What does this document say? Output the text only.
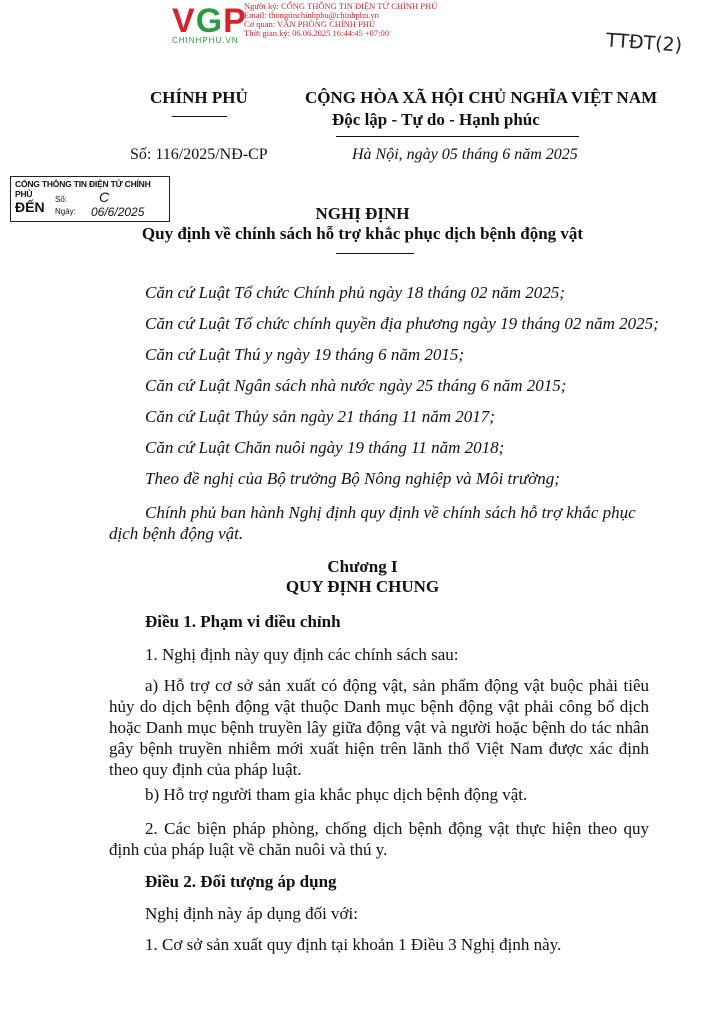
VGP
CHINHPHU.VN
Người ký: CỔNG THÔNG TIN ĐIỆN TỬ CHÍNH PHỦ
Email: thongtinchinhphu@chinhphu.vn
Cơ quan: VĂN PHÒNG CHÍNH PHỦ
Thời gian ký: 06.06.2025 16:44:45 +07:00	TTĐT(2)
CHÍNH PHỦ	CỘNG HÒA XÃ HỘI CHỦ NGHĨA VIỆT NAM
Độc lập - Tự do - Hạnh phúc
Số: 116/2025/NĐ-CP	Hà Nội, ngày 05 tháng 6 năm 2025
CỔNG THÔNG TIN ĐIỆN TỬ CHÍNH PHỦ
ĐẾN Số: C
Ngày: 06/6/2025	NGHỊ ĐỊNH
Quy định về chính sách hỗ trợ khắc phục dịch bệnh động vật
Căn cứ Luật Tổ chức Chính phủ ngày 18 tháng 02 năm 2025;
Căn cứ Luật Tổ chức chính quyền địa phương ngày 19 tháng 02 năm 2025;
Căn cứ Luật Thú y ngày 19 tháng 6 năm 2015;
Căn cứ Luật Ngân sách nhà nước ngày 25 tháng 6 năm 2015;
Căn cứ Luật Thủy sản ngày 21 tháng 11 năm 2017;
Căn cứ Luật Chăn nuôi ngày 19 tháng 11 năm 2018;
Theo đề nghị của Bộ trưởng Bộ Nông nghiệp và Môi trường;
Chính phủ ban hành Nghị định quy định về chính sách hỗ trợ khắc phục
dịch bệnh động vật.
Chương I
QUY ĐỊNH CHUNG
Điều 1. Phạm vi điều chỉnh
1. Nghị định này quy định các chính sách sau:
a) Hỗ trợ cơ sở sản xuất có động vật, sản phẩm động vật buộc phải tiêu hủy do dịch bệnh động vật thuộc Danh mục bệnh động vật phải công bố dịch hoặc Danh mục bệnh truyền lây giữa động vật và người hoặc bệnh do tác nhân gây bệnh truyền nhiễm mới xuất hiện trên lãnh thổ Việt Nam được xác định theo quy định của pháp luật.
b) Hỗ trợ người tham gia khắc phục dịch bệnh động vật.
2. Các biện pháp phòng, chống dịch bệnh động vật thực hiện theo quy định của pháp luật về chăn nuôi và thú y.
Điều 2. Đối tượng áp dụng
Nghị định này áp dụng đối với:
1. Cơ sở sản xuất quy định tại khoản 1 Điều 3 Nghị định này.
